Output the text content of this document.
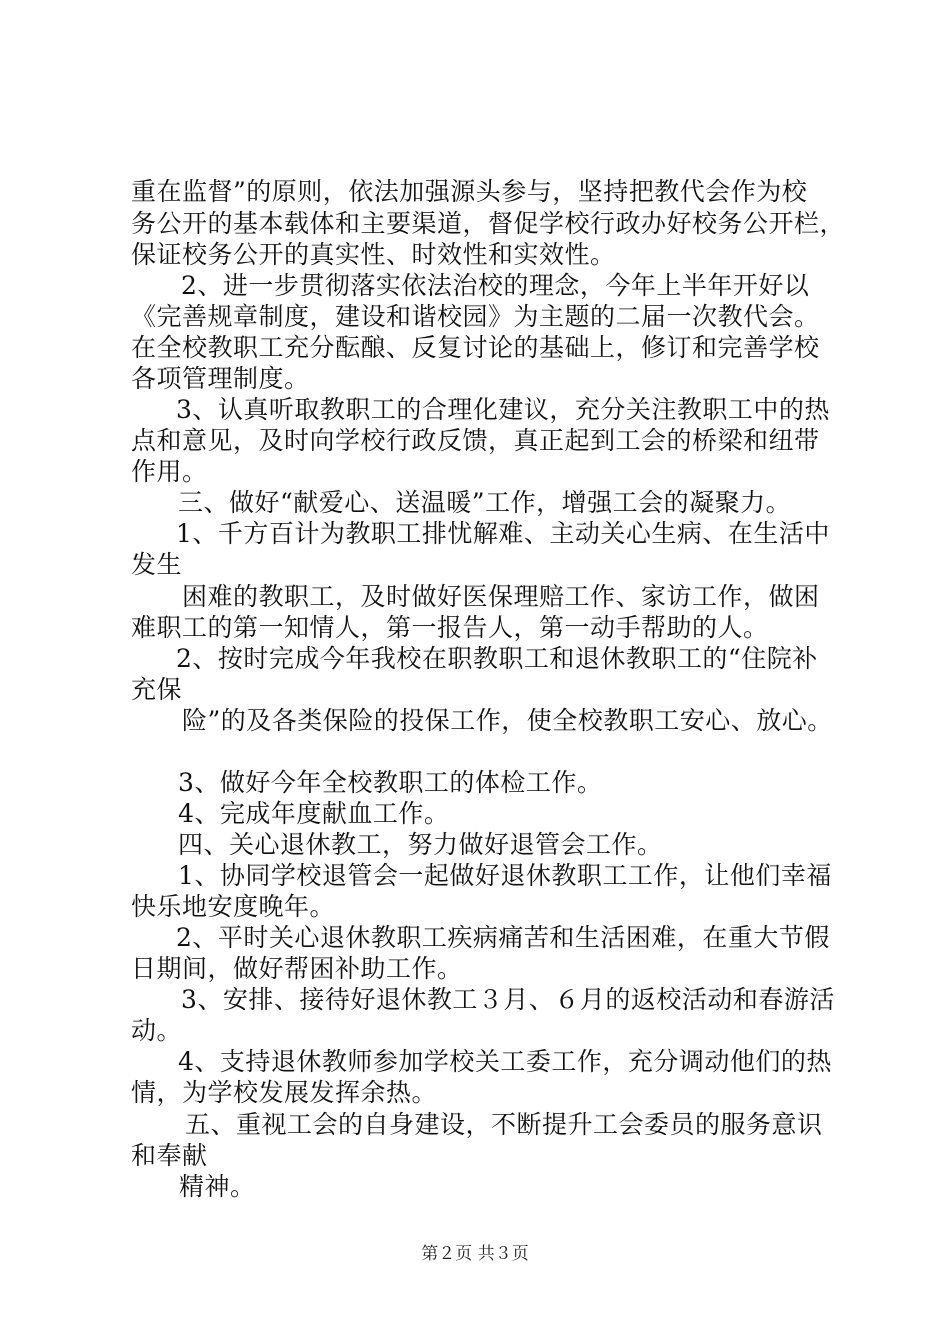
重在监督”的原则，依法加强源头参与，坚持把教代会作为校
务公开的基本载体和主要渠道，督促学校行政办好校务公开栏，
保证校务公开的真实性、时效性和实效性。
2、进一步贯彻落实依法治校的理念，今年上半年开好以
《完善规章制度，建设和谐校园》为主题的二届一次教代会。
在全校教职工充分酝酿、反复讨论的基础上，修订和完善学校
各项管理制度。
3、认真听取教职工的合理化建议，充分关注教职工中的热
点和意见，及时向学校行政反馈，真正起到工会的桥梁和纽带
作用。
三、做好“献爱心、送温暖”工作，增强工会的凝聚力。
1、千方百计为教职工排忧解难、主动关心生病、在生活中
发生
困难的教职工，及时做好医保理赔工作、家访工作，做困
难职工的第一知情人，第一报告人，第一动手帮助的人。
2、按时完成今年我校在职教职工和退休教职工的“住院补
充保
险”的及各类保险的投保工作，使全校教职工安心、放心。
3、做好今年全校教职工的体检工作。
4、完成年度献血工作。
四、关心退休教工，努力做好退管会工作。
1、协同学校退管会一起做好退休教职工工作，让他们幸福
快乐地安度晚年。
2、平时关心退休教职工疾病痛苦和生活困难，在重大节假
日期间，做好帮困补助工作。
3、安排、接待好退休教工３月、６月的返校活动和春游活
动。
4、支持退休教师参加学校关工委工作，充分调动他们的热
情，为学校发展发挥余热。
五、重视工会的自身建设，不断提升工会委员的服务意识
和奉献
精神。
第２页 共３页
